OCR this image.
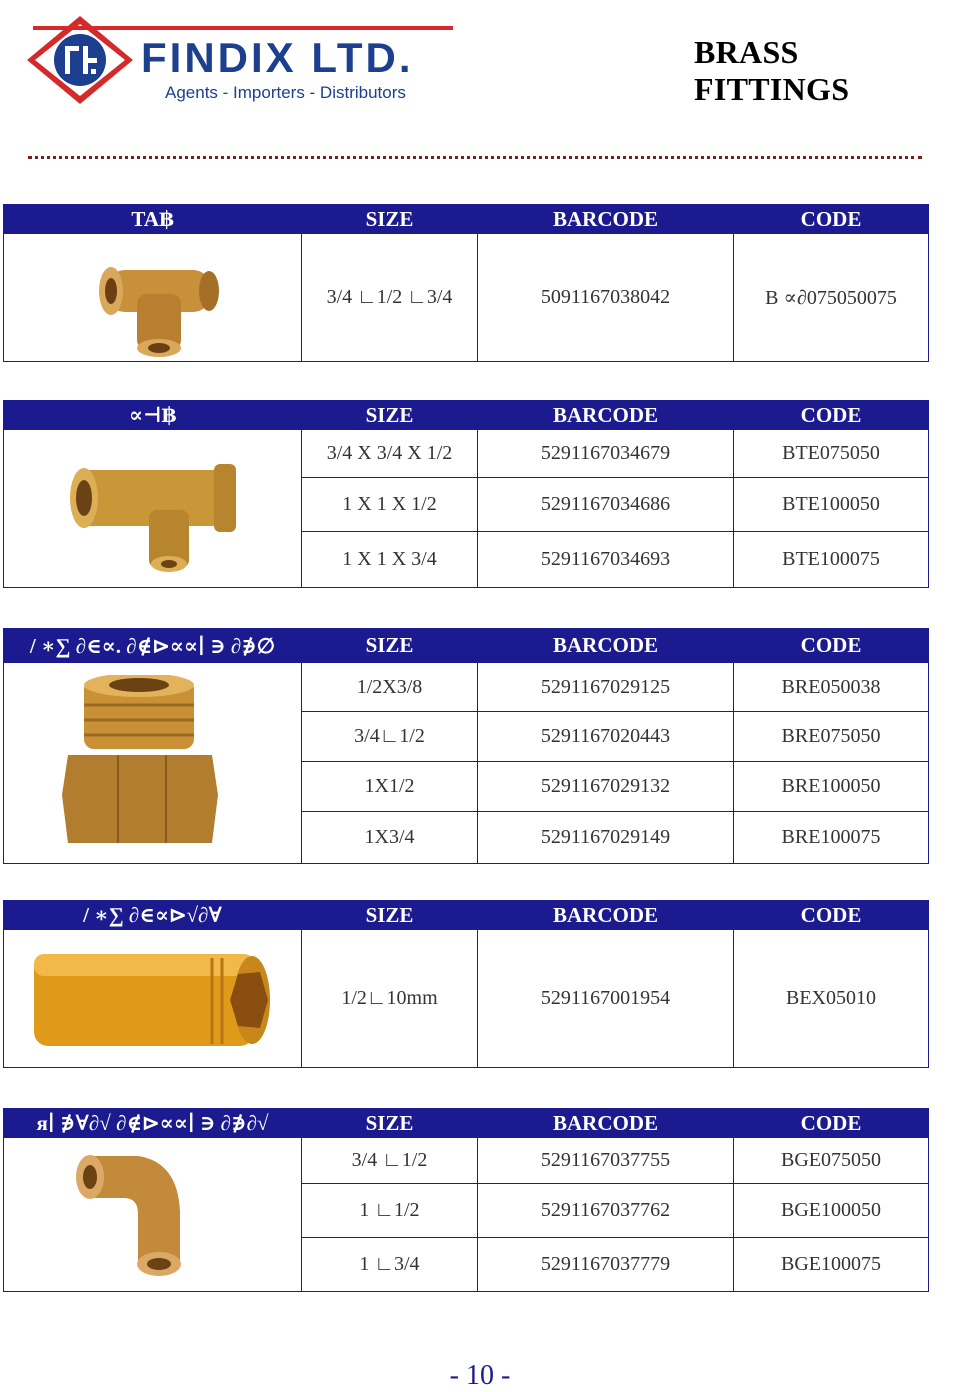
FINDIX LTD.
Agents - Importers - Distributors
BRASS FITTINGS
TA฿	SIZE	BARCODE	CODE

	3/4 ∟1/2 ∟3/4	5091167038042	B ∝∂075050075
∝⊣฿	SIZE	BARCODE	CODE

	3/4 X 3/4 X 1/2	5291167034679	BTE075050
	1 X 1 X 1/2	5291167034686	BTE100050
	1 X 1 X 3/4	5291167034693	BTE100075
/ ∗∑ ∂∈∝. ∂∉⊳∝∝∣ ∋ ∂∌∅	SIZE	BARCODE	CODE

	1/2X3/8	5291167029125	BRE050038
	3/4∟1/2	5291167020443	BRE075050
	1X1/2	5291167029132	BRE100050
	1X3/4	5291167029149	BRE100075
/ ∗∑ ∂∈∝⊳√∂∀	SIZE	BARCODE	CODE

	1/2∟10mm	5291167001954	BEX05010
я∣ ∌∀∂√ ∂∉⊳∝∝∣ ∋ ∂∌∂√	SIZE	BARCODE	CODE

	3/4 ∟1/2	5291167037755	BGE075050
	1 ∟1/2	5291167037762	BGE100050
	1 ∟3/4	5291167037779	BGE100075
- 10 -
